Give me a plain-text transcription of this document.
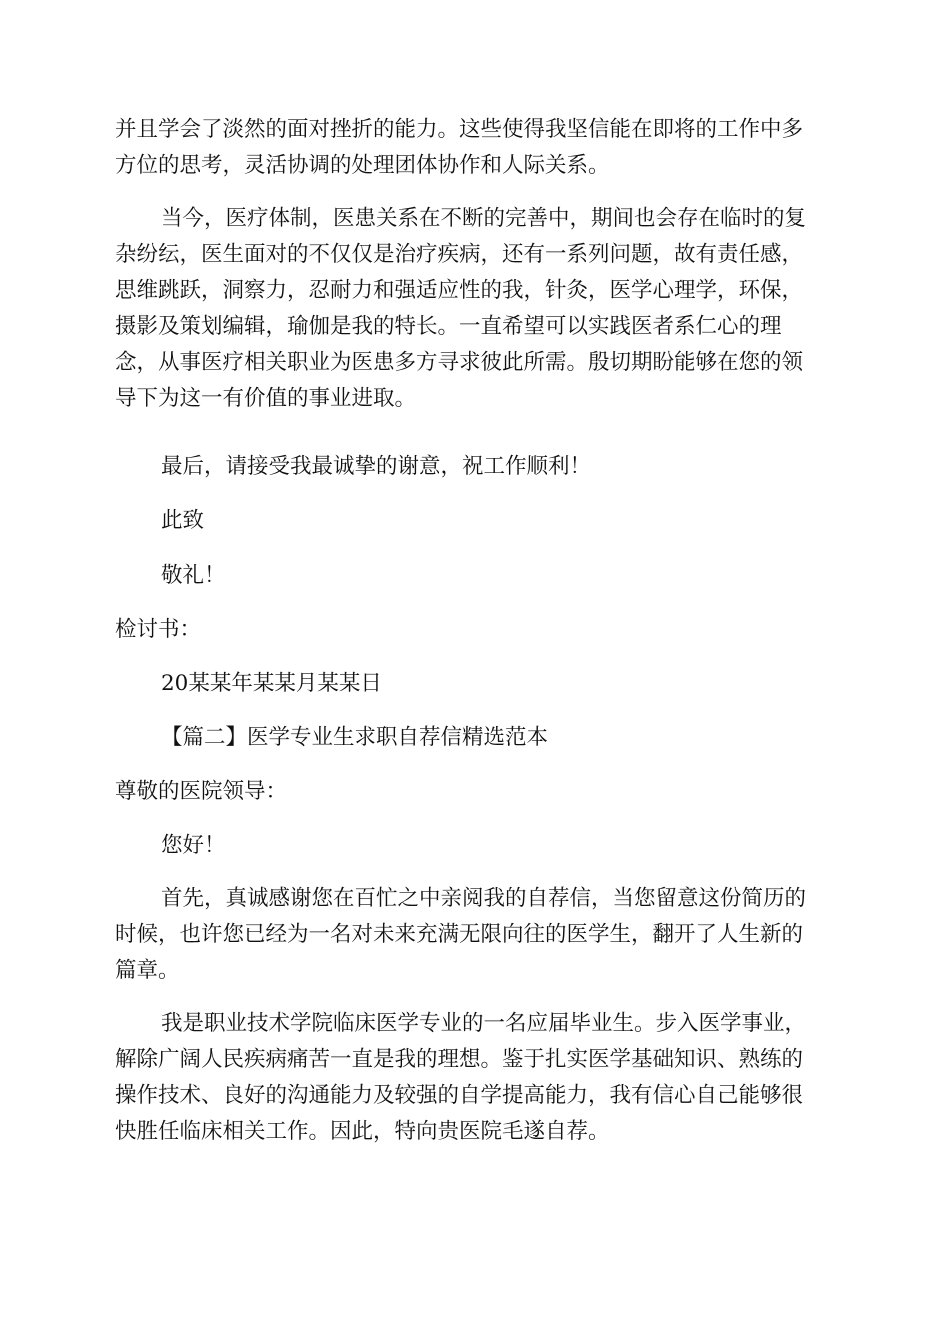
并且学会了淡然的面对挫折的能力。这些使得我坚信能在即将的工作中多
方位的思考，灵活协调的处理团体协作和人际关系。
当今，医疗体制，医患关系在不断的完善中，期间也会存在临时的复
杂纷纭，医生面对的不仅仅是治疗疾病，还有一系列问题，故有责任感，
思维跳跃，洞察力，忍耐力和强适应性的我，针灸，医学心理学，环保，
摄影及策划编辑，瑜伽是我的特长。一直希望可以实践医者系仁心的理
念，从事医疗相关职业为医患多方寻求彼此所需。殷切期盼能够在您的领
导下为这一有价值的事业进取。
最后，请接受我最诚挚的谢意，祝工作顺利！
此致
敬礼！
检讨书：
20某某年某某月某某日
【篇二】医学专业生求职自荐信精选范本
尊敬的医院领导：
您好！
首先，真诚感谢您在百忙之中亲阅我的自荐信，当您留意这份简历的
时候，也许您已经为一名对未来充满无限向往的医学生，翻开了人生新的
篇章。
我是职业技术学院临床医学专业的一名应届毕业生。步入医学事业，
解除广阔人民疾病痛苦一直是我的理想。鉴于扎实医学基础知识、熟练的
操作技术、良好的沟通能力及较强的自学提高能力，我有信心自己能够很
快胜任临床相关工作。因此，特向贵医院毛遂自荐。
